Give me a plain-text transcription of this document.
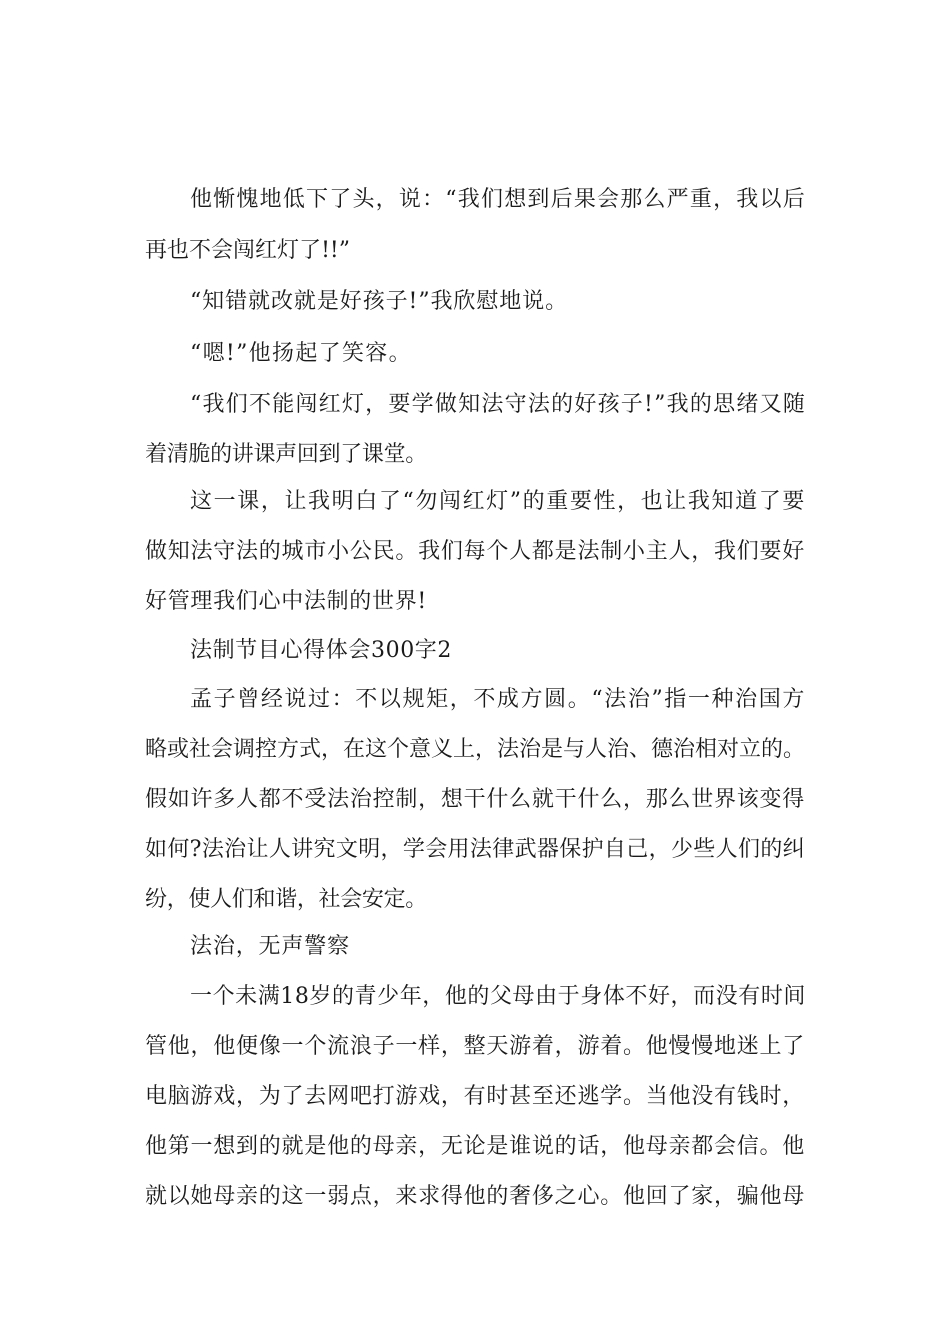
他惭愧地低下了头，说：“我们想到后果会那么严重，我以后

再也不会闯红灯了!!”

“知错就改就是好孩子!”我欣慰地说。

“嗯!”他扬起了笑容。

“我们不能闯红灯，要学做知法守法的好孩子!”我的思绪又随

着清脆的讲课声回到了课堂。

这一课，让我明白了“勿闯红灯”的重要性，也让我知道了要

做知法守法的城市小公民。我们每个人都是法制小主人，我们要好

好管理我们心中法制的世界!

法制节目心得体会300字2

孟子曾经说过：不以规矩，不成方圆。“法治”指一种治国方

略或社会调控方式，在这个意义上，法治是与人治、德治相对立的。

假如许多人都不受法治控制，想干什么就干什么，那么世界该变得

如何?法治让人讲究文明，学会用法律武器保护自己，少些人们的纠

纷，使人们和谐，社会安定。

法治，无声警察

一个未满18岁的青少年，他的父母由于身体不好，而没有时间

管他，他便像一个流浪子一样，整天游着，游着。他慢慢地迷上了

电脑游戏，为了去网吧打游戏，有时甚至还逃学。当他没有钱时，

他第一想到的就是他的母亲，无论是谁说的话，他母亲都会信。他

就以她母亲的这一弱点，来求得他的奢侈之心。他回了家，骗他母
